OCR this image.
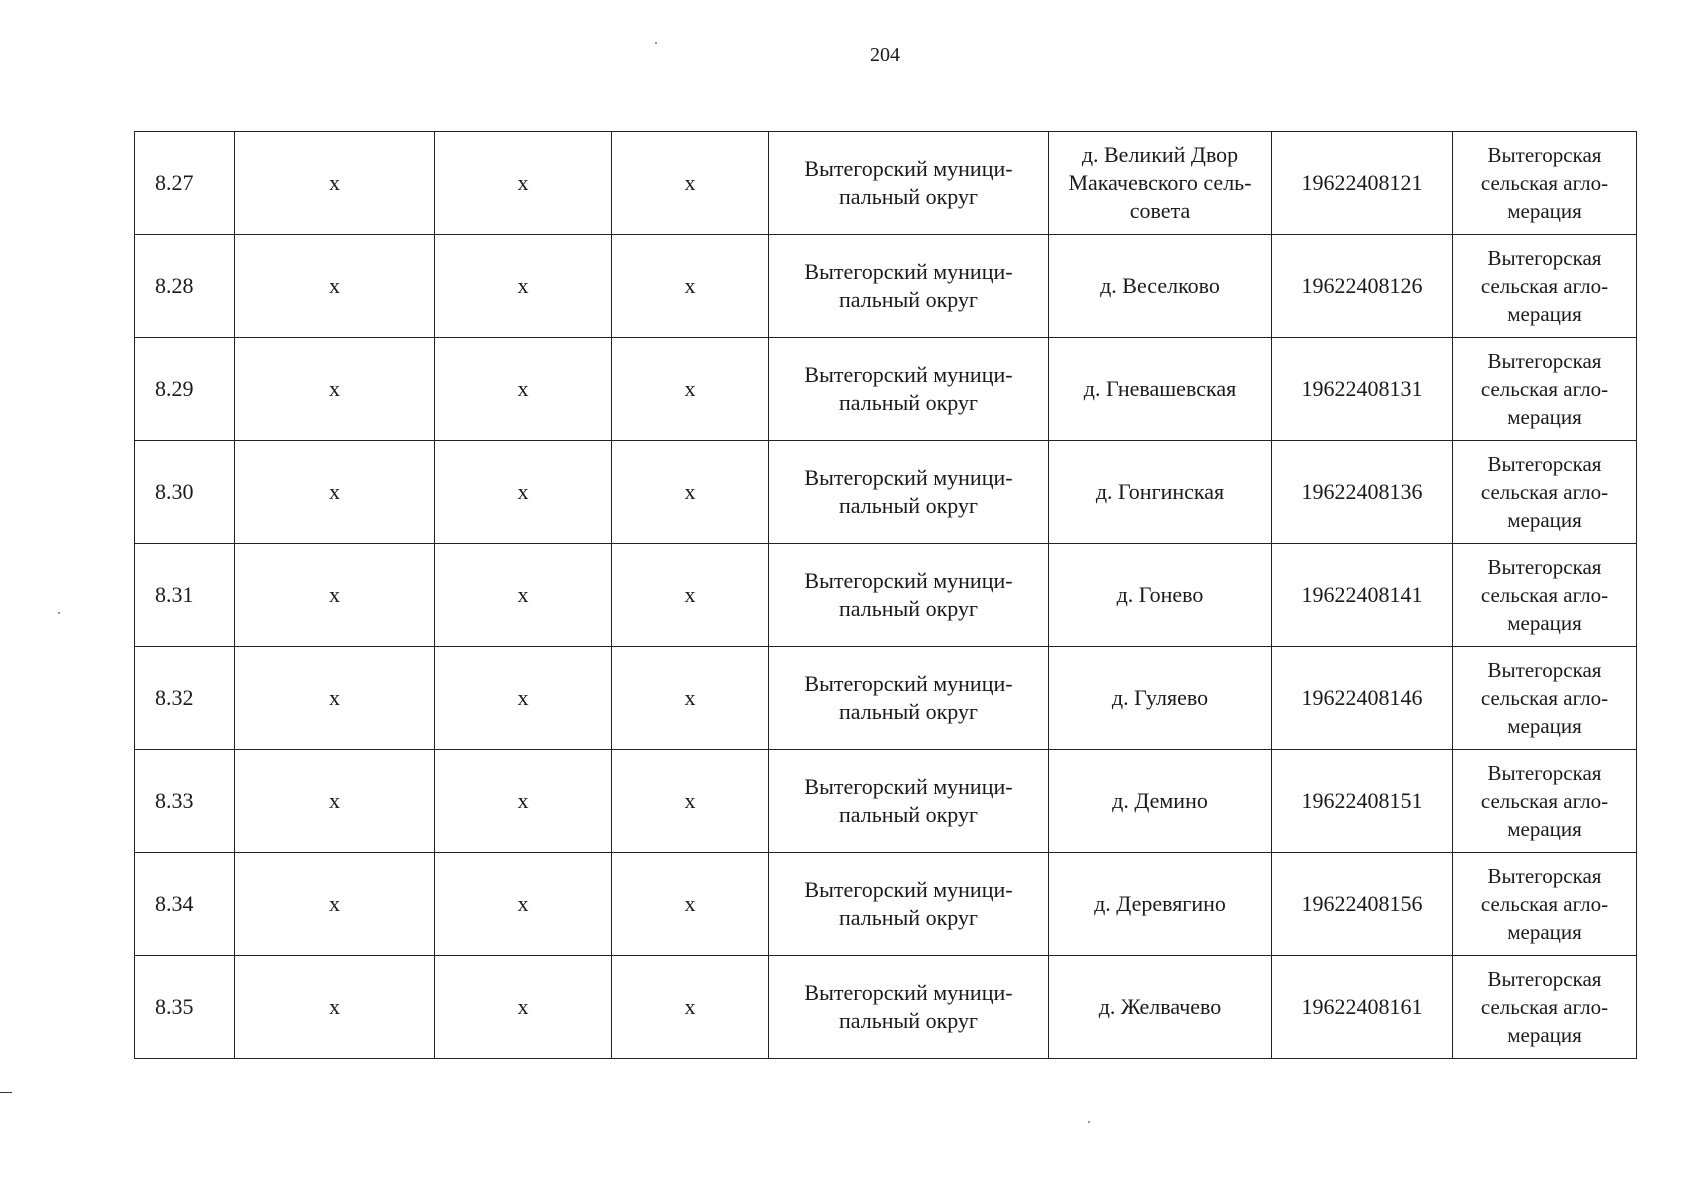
204
8.27	x	x	x	Вытегорский муници-пальный округ	д. Великий Двор Макачевского сель-совета	19622408121	Вытегорская сельская агло-мерация
8.28	x	x	x	Вытегорский муници-пальный округ	д. Веселково	19622408126	Вытегорская сельская агло-мерация
8.29	x	x	x	Вытегорский муници-пальный округ	д. Гневашевская	19622408131	Вытегорская сельская агло-мерация
8.30	x	x	x	Вытегорский муници-пальный округ	д. Гонгинская	19622408136	Вытегорская сельская агло-мерация
8.31	x	x	x	Вытегорский муници-пальный округ	д. Гонево	19622408141	Вытегорская сельская агло-мерация
8.32	x	x	x	Вытегорский муници-пальный округ	д. Гуляево	19622408146	Вытегорская сельская агло-мерация
8.33	x	x	x	Вытегорский муници-пальный округ	д. Демино	19622408151	Вытегорская сельская агло-мерация
8.34	x	x	x	Вытегорский муници-пальный округ	д. Деревягино	19622408156	Вытегорская сельская агло-мерация
8.35	x	x	x	Вытегорский муници-пальный округ	д. Желвачево	19622408161	Вытегорская сельская агло-мерация
